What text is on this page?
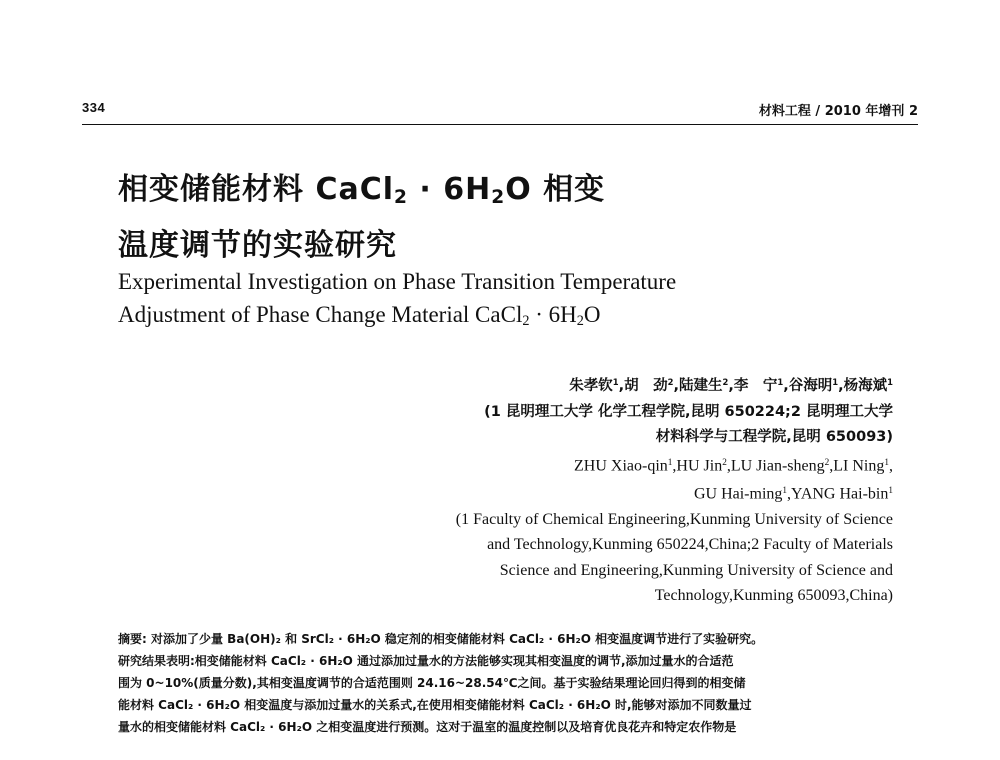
334	材料工程 / 2010 年增刊 2
相变储能材料 CaCl$_2$ · $6H_2O$ 相变
温度调节的实验研究
Experimental Investigation on Phase Transition Temperature
Adjustment of Phase Change Material CaCl$_2$ · $6H_2O$
朱孝钦$^1$,胡　劲$^2$,陆建生$^2$,李　宁$^1$,谷海明$^1$,杨海斌$^1$
(1 昆明理工大学 化学工程学院,昆明 650224;2 昆明理工大学
材料科学与工程学院,昆明 650093)
ZHU Xiao-qin$^1$,HU Jin$^2$,LU Jian-sheng$^2$,LI Ning$^1$,
GU Hai-ming$^1$,YANG Hai-bin$^1$
(1 Faculty of Chemical Engineering,Kunming University of Science
and Technology,Kunming 650224,China;2 Faculty of Materials
Science and Engineering,Kunming University of Science and
Technology,Kunming 650093,China)
摘要: 对添加了少量 Ba(OH)₂ 和 SrCl₂ · 6H₂O 稳定剂的相变储能材料 CaCl₂ · 6H₂O 相变温度调节进行了实验研究。
研究结果表明:相变储能材料 CaCl₂ · 6H₂O 通过添加过量水的方法能够实现其相变温度的调节,添加过量水的合适范
围为 0~10%(质量分数),其相变温度调节的合适范围则 24.16~28.54℃之间。基于实验结果理论回归得到的相变储
能材料 CaCl₂ · 6H₂O 相变温度与添加过量水的关系式,在使用相变储能材料 CaCl₂ · 6H₂O 时,能够对添加不同数量过
量水的相变储能材料 CaCl₂ · 6H₂O 之相变温度进行预测。这对于温室的温度控制以及培育优良花卉和特定农作物是
